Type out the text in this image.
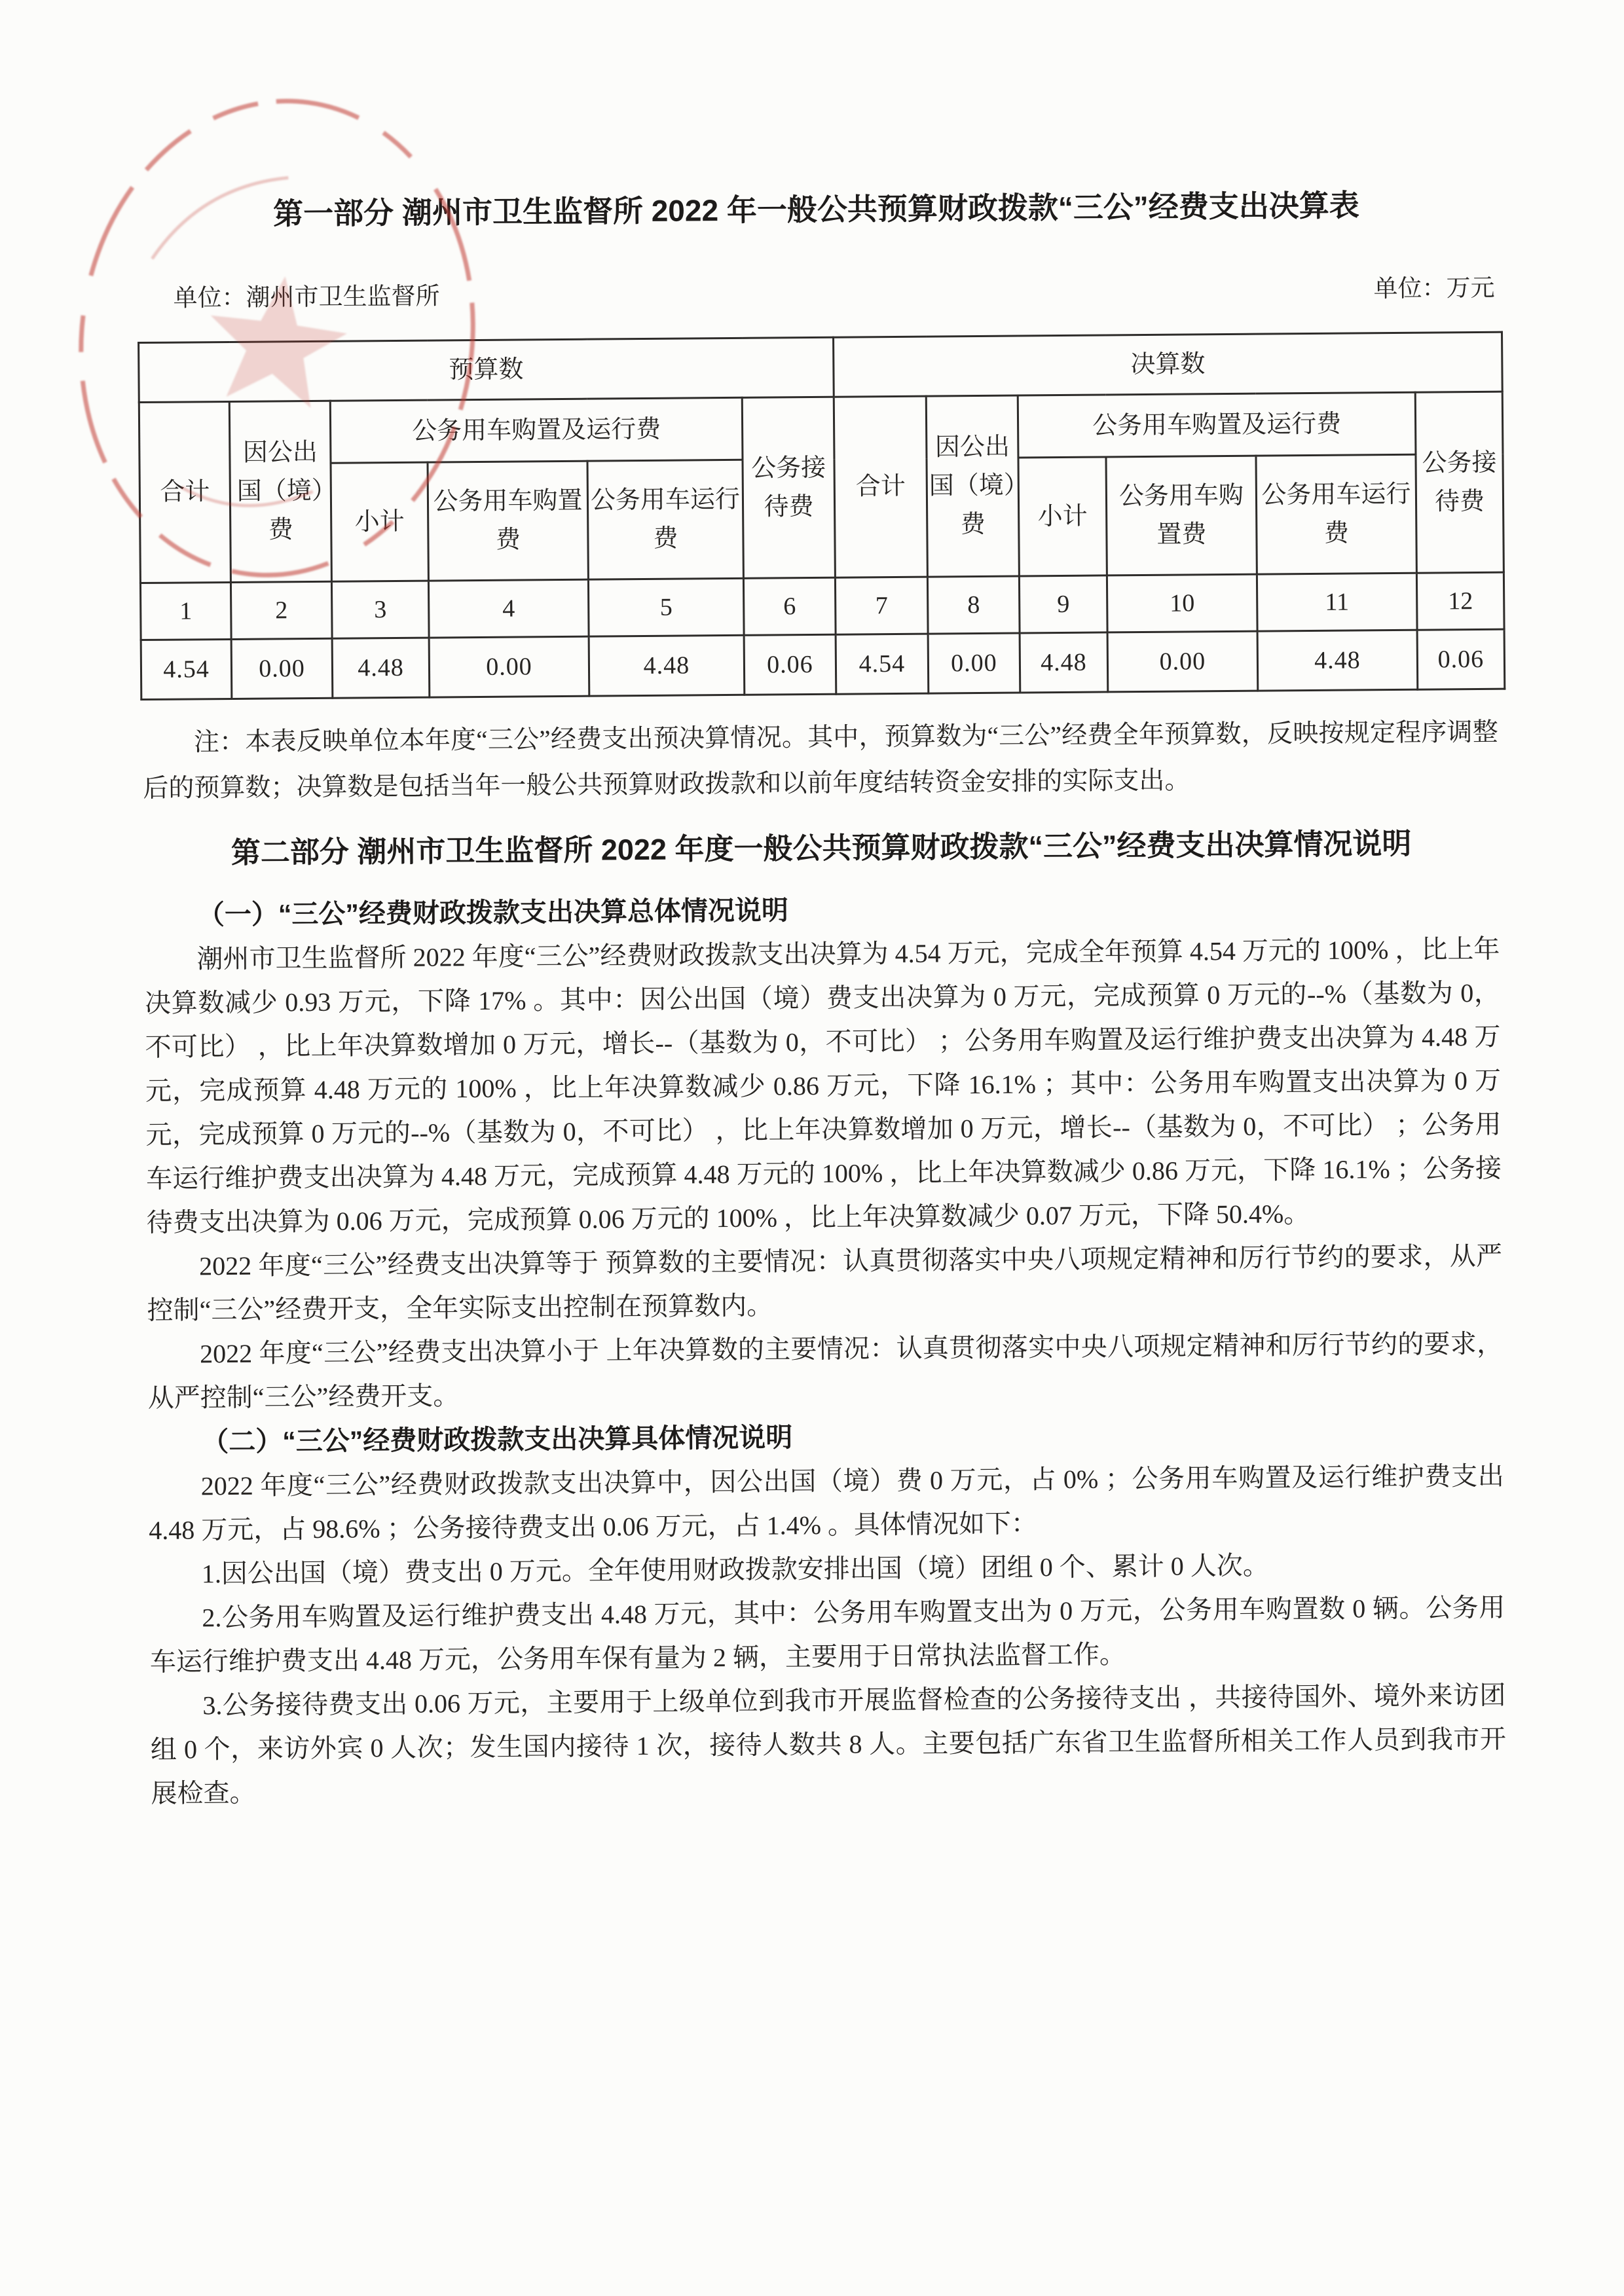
第一部分 潮州市卫生监督所 2022 年一般公共预算财政拨款“三公”经费支出决算表
单位：潮州市卫生监督所	单位：万元
预算数						决算数					
合计	因公出国（境）费	公务用车购置及运行费			公务接待费	合计	因公出国（境）费	公务用车购置及运行费			公务接待费
		小计	公务用车购置费	公务用车运行费				小计	公务用车购置费	公务用车运行费	
1	2	3	4	5	6	7	8	9	10	11	12
4.54	0.00	4.48	0.00	4.48	0.06	4.54	0.00	4.48	0.00	4.48	0.06
注：本表反映单位本年度“三公”经费支出预决算情况。其中，预算数为“三公”经费全年预算数，反映按规定程序调整后的预算数；决算数是包括当年一般公共预算财政拨款和以前年度结转资金安排的实际支出。
第二部分 潮州市卫生监督所 2022 年度一般公共预算财政拨款“三公”经费支出决算情况说明
（一）“三公”经费财政拨款支出决算总体情况说明

潮州市卫生监督所 2022 年度“三公”经费财政拨款支出决算为 4.54 万元，完成全年预算 4.54 万元的 100% ，比上年决算数减少 0.93 万元，下降 17% 。其中：因公出国（境）费支出决算为 0 万元，完成预算 0 万元的--%（基数为 0，不可比） ，比上年决算数增加 0 万元，增长--（基数为 0，不可比） ；公务用车购置及运行维护费支出决算为 4.48 万元，完成预算 4.48 万元的 100% ，比上年决算数减少 0.86 万元，下降 16.1% ；其中：公务用车购置支出决算为 0 万元，完成预算 0 万元的--%（基数为 0，不可比） ，比上年决算数增加 0 万元，增长--（基数为 0，不可比） ；公务用车运行维护费支出决算为 4.48 万元，完成预算 4.48 万元的 100% ，比上年决算数减少 0.86 万元，下降 16.1% ；公务接待费支出决算为 0.06 万元，完成预算 0.06 万元的 100% ，比上年决算数减少 0.07 万元，下降 50.4%。

2022 年度“三公”经费支出决算等于 预算数的主要情况：认真贯彻落实中央八项规定精神和厉行节约的要求，从严控制“三公”经费开支，全年实际支出控制在预算数内。

2022 年度“三公”经费支出决算小于 上年决算数的主要情况：认真贯彻落实中央八项规定精神和厉行节约的要求，从严控制“三公”经费开支。

（二）“三公”经费财政拨款支出决算具体情况说明

2022 年度“三公”经费财政拨款支出决算中，因公出国（境）费 0 万元，占 0% ；公务用车购置及运行维护费支出 4.48 万元，占 98.6% ；公务接待费支出 0.06 万元，占 1.4% 。具体情况如下：

1.因公出国（境）费支出 0 万元。全年使用财政拨款安排出国（境）团组 0 个、累计 0 人次。

2.公务用车购置及运行维护费支出 4.48 万元，其中：公务用车购置支出为 0 万元，公务用车购置数 0 辆。公务用车运行维护费支出 4.48 万元，公务用车保有量为 2 辆，主要用于日常执法监督工作。

3.公务接待费支出 0.06 万元，主要用于上级单位到我市开展监督检查的公务接待支出 ，共接待国外、境外来访团组 0 个，来访外宾 0 人次；发生国内接待 1 次，接待人数共 8 人。主要包括广东省卫生监督所相关工作人员到我市开展检查。
